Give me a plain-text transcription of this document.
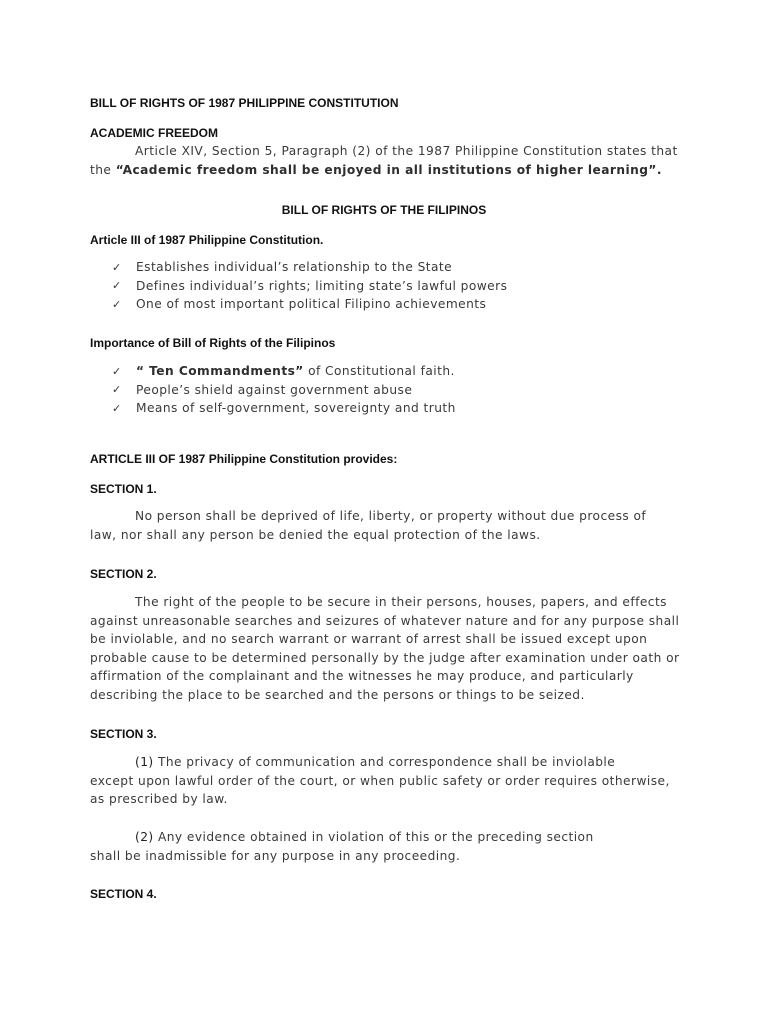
BILL OF RIGHTS OF 1987 PHILIPPINE CONSTITUTION
ACADEMIC FREEDOM
Article XIV, Section 5, Paragraph (2) of the 1987 Philippine Constitution states that
the “Academic freedom shall be enjoyed in all institutions of higher learning”.
BILL OF RIGHTS OF THE FILIPINOS
Article III of 1987 Philippine Constitution.
✓	Establishes individual’s relationship to the State
✓	Defines individual’s rights; limiting state’s lawful powers
✓	One of most important political Filipino achievements
Importance of Bill of Rights of the Filipinos
✓	“ Ten Commandments” of Constitutional faith.
✓	People’s shield against government abuse
✓	Means of self-government, sovereignty and truth
ARTICLE III OF 1987 Philippine Constitution provides:
SECTION 1.
No person shall be deprived of life, liberty, or property without due process of
law, nor shall any person be denied the equal protection of the laws.
SECTION 2.
The right of the people to be secure in their persons, houses, papers, and effects
against unreasonable searches and seizures of whatever nature and for any purpose shall
be inviolable, and no search warrant or warrant of arrest shall be issued except upon
probable cause to be determined personally by the judge after examination under oath or
affirmation of the complainant and the witnesses he may produce, and particularly
describing the place to be searched and the persons or things to be seized.
SECTION 3.
(1) The privacy of communication and correspondence shall be inviolable
except upon lawful order of the court, or when public safety or order requires otherwise,
as prescribed by law.
(2) Any evidence obtained in violation of this or the preceding section
shall be inadmissible for any purpose in any proceeding.
SECTION 4.
